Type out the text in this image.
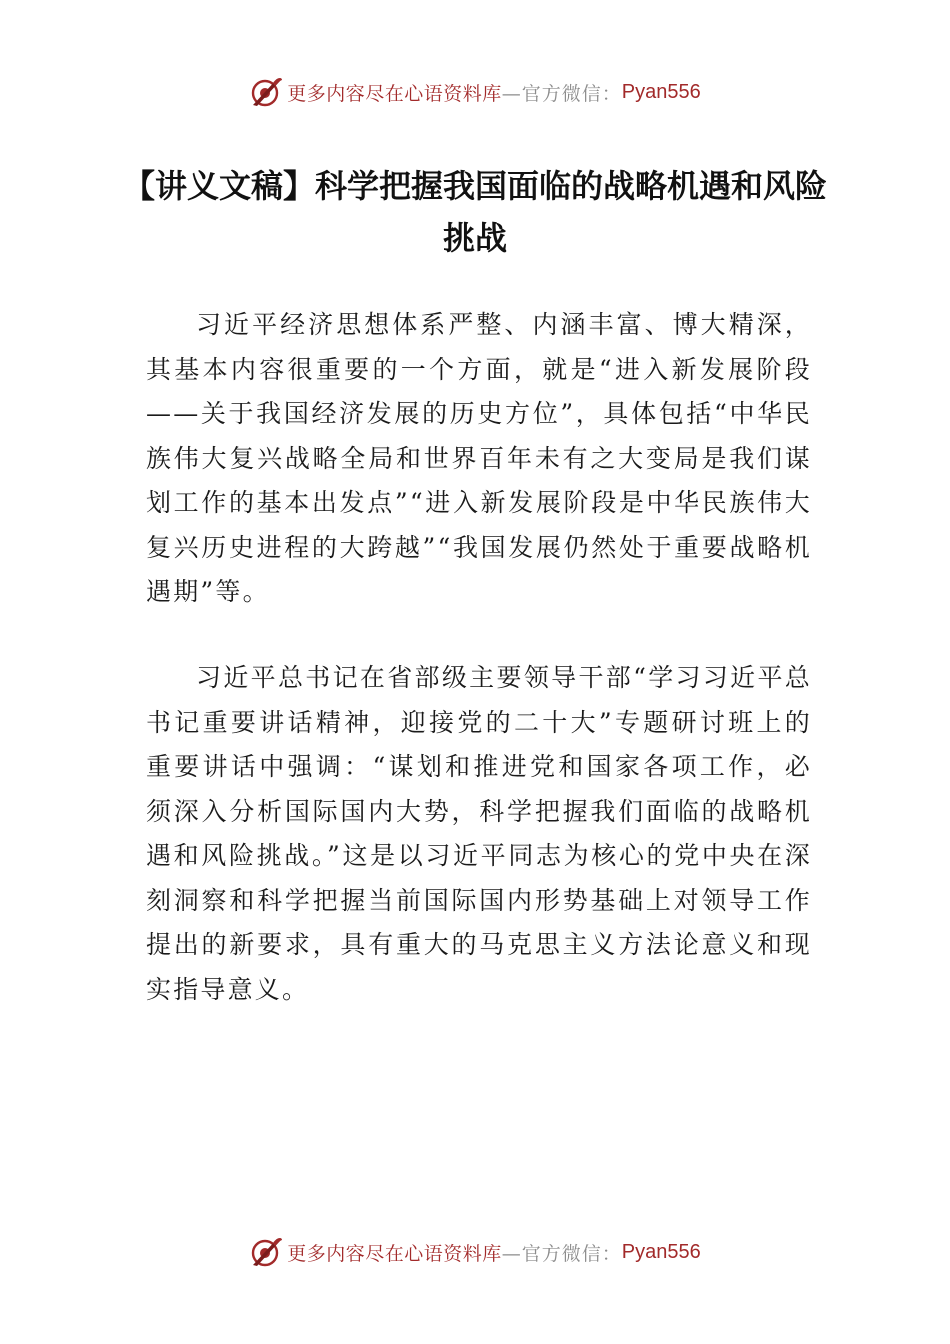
更多内容尽在心语资料库 —官方微信： Pyan556
【讲义文稿】科学把握我国面临的战略机遇和风险挑战

习近平经济思想体系严整、内涵丰富、博大精深，其基本内容很重要的一个方面，就是“进入新发展阶段——关于我国经济发展的历史方位”，具体包括“中华民族伟大复兴战略全局和世界百年未有之大变局是我们谋划工作的基本出发点”“进入新发展阶段是中华民族伟大复兴历史进程的大跨越”“我国发展仍然处于重要战略机遇期”等。

习近平总书记在省部级主要领导干部“学习习近平总书记重要讲话精神，迎接党的二十大”专题研讨班上的重要讲话中强调：“谋划和推进党和国家各项工作，必须深入分析国际国内大势，科学把握我们面临的战略机遇和风险挑战。”这是以习近平同志为核心的党中央在深刻洞察和科学把握当前国际国内形势基础上对领导工作提出的新要求，具有重大的马克思主义方法论意义和现实指导意义。

更多内容尽在心语资料库 —官方微信： Pyan556
